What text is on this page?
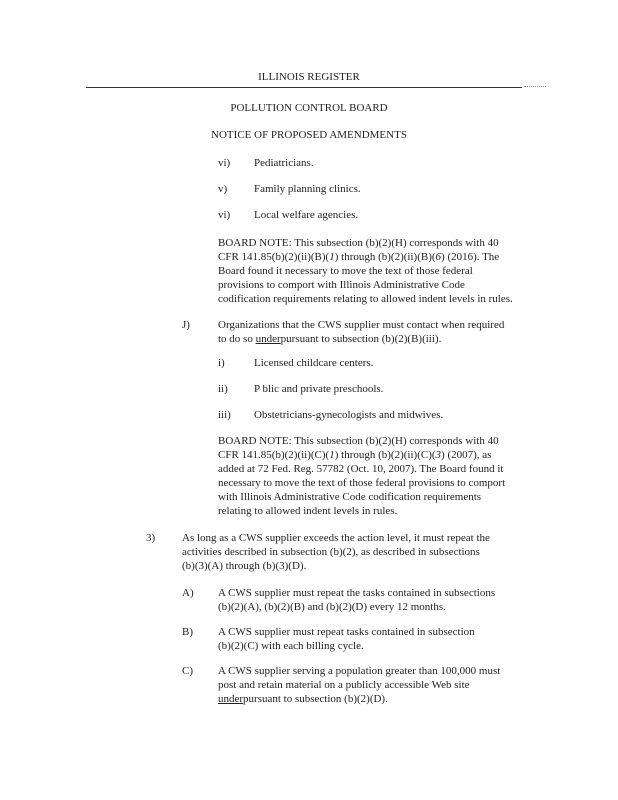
ILLINOIS REGISTER
POLLUTION CONTROL BOARD
NOTICE OF PROPOSED AMENDMENTS
vi) Pediatricians.
v) Family planning clinics.
vi) Local welfare agencies.
BOARD NOTE: This subsection (b)(2)(H) corresponds with 40
CFR 141.85(b)(2)(ii)(B)(1) through (b)(2)(ii)(B)(6) (2016). The
Board found it necessary to move the text of those federal
provisions to comport with Illinois Administrative Code
codification requirements relating to allowed indent levels in rules.
J)	Organizations that the CWS supplier must contact when required
to do so underpursuant to subsection (b)(2)(B)(iii).
i)	Licensed childcare centers.
ii) P blic and private preschools.
iii) Obstetricians-gynecologists and midwives.
BOARD NOTE: This subsection (b)(2)(H) corresponds with 40
CFR 141.85(b)(2)(ii)(C)(1) through (b)(2)(ii)(C)(3) (2007), as
added at 72 Fed. Reg. 57782 (Oct. 10, 2007). The Board found it
necessary to move the text of those federal provisions to comport
with Illinois Administrative Code codification requirements
relating to allowed indent levels in rules.
3) As long as a CWS supplier exceeds the action level, it must repeat the
activities described in subsection (b)(2), as described in subsections
(b)(3)(A) through (b)(3)(D).
A) A CWS supplier must repeat the tasks contained in subsections
(b)(2)(A), (b)(2)(B) and (b)(2)(D) every 12 months.
B) A CWS supplier must repeat tasks contained in subsection
(b)(2)(C) with each billing cycle.
C) A CWS supplier serving a population greater than 100,000 must
post and retain material on a publicly accessible Web site
underpursuant to subsection (b)(2)(D).
